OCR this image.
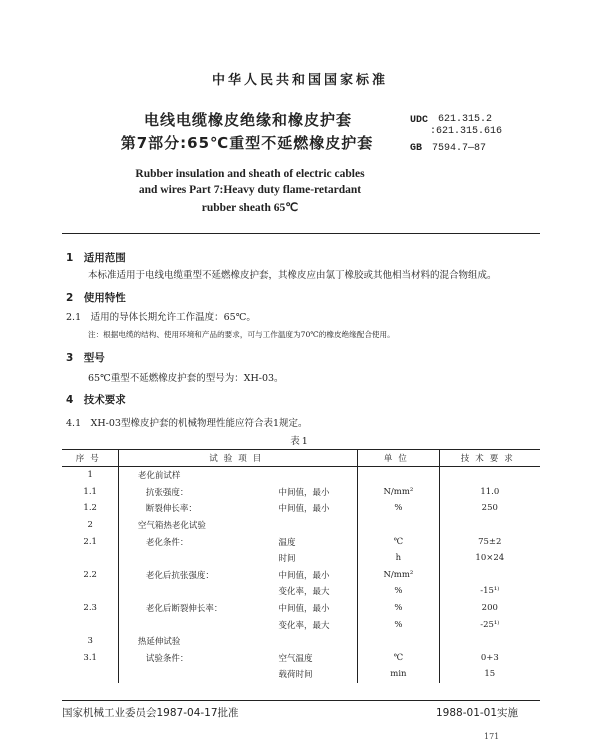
中华人民共和国国家标准
电线电缆橡皮绝缘和橡皮护套
第7部分:65℃重型不延燃橡皮护套
UDC 621.315.2
:621.315.616
GB 7594.7—87
Rubber insulation and sheath of electric cables
and wires Part 7:Heavy duty flame-retardant
rubber sheath 65℃
1　适用范围
本标准适用于电线电缆重型不延燃橡皮护套，其橡皮应由氯丁橡胶或其他相当材料的混合物组成。
2　使用特性
2.1　适用的导体长期允许工作温度：65℃。
注：根据电缆的结构、使用环境和产品的要求，可与工作温度为70℃的橡皮绝缘配合使用。
3　型号
65℃重型不延燃橡皮护套的型号为：XH-03。
4　技术要求
4.1　XH-03型橡皮护套的机械物理性能应符合表1规定。
表1
序号	试验项目			单位	技术要求
1		老化前试样			
1.1		抗张强度：	中间值，最小	N/mm²	11.0
1.2		断裂伸长率：	中间值，最小	%	250
2		空气箱热老化试验			
2.1		老化条件：	温度	℃	75±2
			时间	h	10×24
2.2		老化后抗张强度：	中间值，最小	N/mm²	
			变化率，最大	%	-15¹⁾
2.3		老化后断裂伸长率：	中间值，最小	%	200
			变化率，最大	%	-25¹⁾
3		热延伸试验			
3.1		试验条件：	空气温度	℃	0+3
			载荷时间	min	15
国家机械工业委员会1987-04-17批准	1988-01-01实施
171
